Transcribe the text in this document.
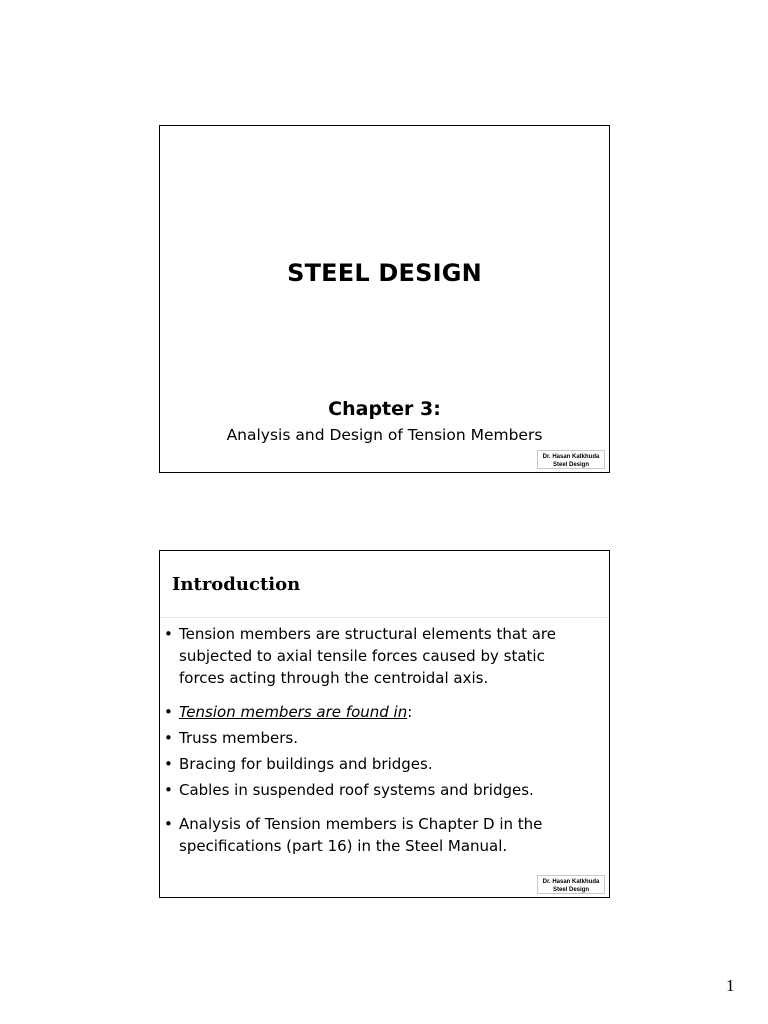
STEEL DESIGN
Chapter 3:
Analysis and Design of Tension Members
Dr. Hasan Katkhuda
Steel Design
Introduction
• Tension members are structural elements that are subjected to axial tensile forces caused by static forces acting through the centroidal axis.
• Tension members are found in:
• Truss members.
• Bracing for buildings and bridges.
• Cables in suspended roof systems and bridges.
• Analysis of Tension members is Chapter D in the specifications (part 16) in the Steel Manual.
Dr. Hasan Katkhuda
Steel Design
1
